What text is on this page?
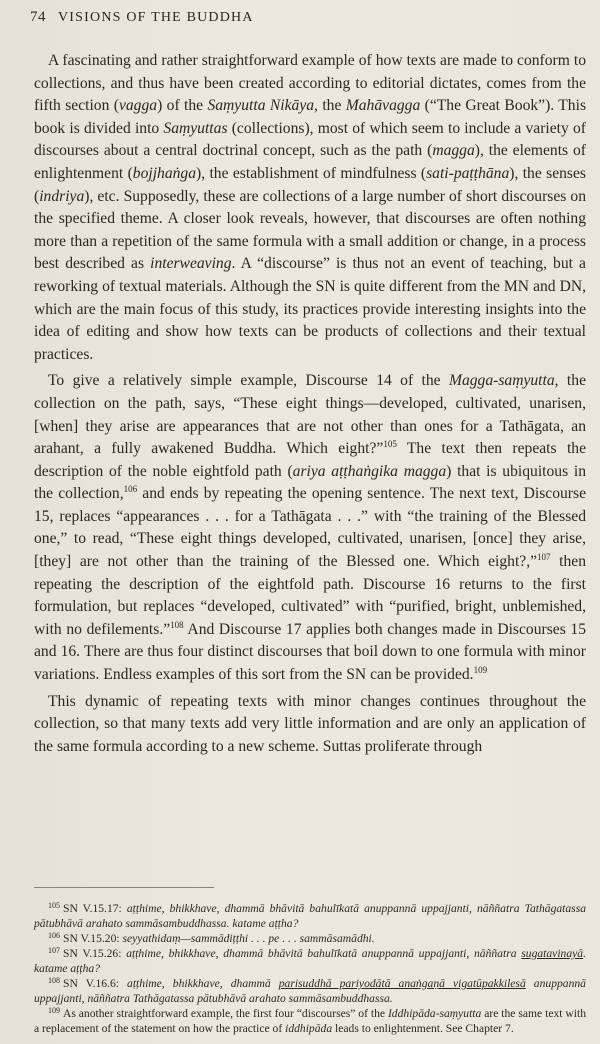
74 VISIONS OF THE BUDDHA

A fascinating and rather straightforward example of how texts are made to conform to collections, and thus have been created according to editorial dictates, comes from the fifth section (vagga) of the Saṃyutta Nikāya, the Mahāvagga (“The Great Book”). This book is divided into Saṃyuttas (collections), most of which seem to include a variety of discourses about a central doctrinal concept, such as the path (magga), the elements of enlightenment (bojjhaṅga), the establishment of mindfulness (sati-paṭṭhāna), the senses (indriya), etc. Supposedly, these are collections of a large number of short discourses on the specified theme. A closer look reveals, however, that discourses are often nothing more than a repetition of the same formula with a small addition or change, in a process best described as interweaving. A “discourse” is thus not an event of teaching, but a reworking of textual materials. Although the SN is quite different from the MN and DN, which are the main focus of this study, its practices provide interesting insights into the idea of editing and show how texts can be products of collections and their textual practices.

To give a relatively simple example, Discourse 14 of the Magga-saṃyutta, the collection on the path, says, “These eight things—developed, cultivated, unarisen, [when] they arise are appearances that are not other than ones for a Tathāgata, an arahant, a fully awakened Buddha. Which eight?”$^{105}$ The text then repeats the description of the noble eightfold path (ariya aṭṭhaṅgika magga) that is ubiquitous in the collection,$^{106}$ and ends by repeating the opening sentence. The next text, Discourse 15, replaces “appearances . . . for a Tathāgata . . .” with “the training of the Blessed one,” to read, “These eight things developed, cultivated, unarisen, [once] they arise, [they] are not other than the training of the Blessed one. Which eight?,”$^{107}$ then repeating the description of the eightfold path. Discourse 16 returns to the first formulation, but replaces “developed, cultivated” with “purified, bright, unblemished, with no defilements.”$^{108}$ And Discourse 17 applies both changes made in Discourses 15 and 16. There are thus four distinct discourses that boil down to one formula with minor variations. Endless examples of this sort from the SN can be provided.$^{109}$

This dynamic of repeating texts with minor changes continues throughout the collection, so that many texts add very little information and are only an application of the same formula according to a new scheme. Suttas proliferate through

$^{105}$ SN V.15.17: aṭṭhime, bhikkhave, dhammā bhāvitā bahulīkatā anuppannā uppajjanti, nāññatra Tathāgatassa pātubhāvā arahato sammāsambuddhassa. katame aṭṭha?

$^{106}$ SN V.15.20: seyyathidaṃ—sammādiṭṭhi . . . pe . . . sammāsamādhi.

$^{107}$ SN V.15.26: aṭṭhime, bhikkhave, dhammā bhāvitā bahulīkatā anuppannā uppajjanti, nāññatra sugatavinayā. katame aṭṭha?

$^{108}$ SN V.16.6: aṭṭhime, bhikkhave, dhammā parisuddhā pariyodātā anaṅgaṇā vigatūpakkilesā anuppannā uppajjanti, nāññatra Tathāgatassa pātubhāvā arahato sammāsambuddhassa.

$^{109}$ As another straightforward example, the first four “discourses” of the Iddhipāda-saṃyutta are the same text with a replacement of the statement on how the practice of iddhipāda leads to enlightenment. See Chapter 7.
